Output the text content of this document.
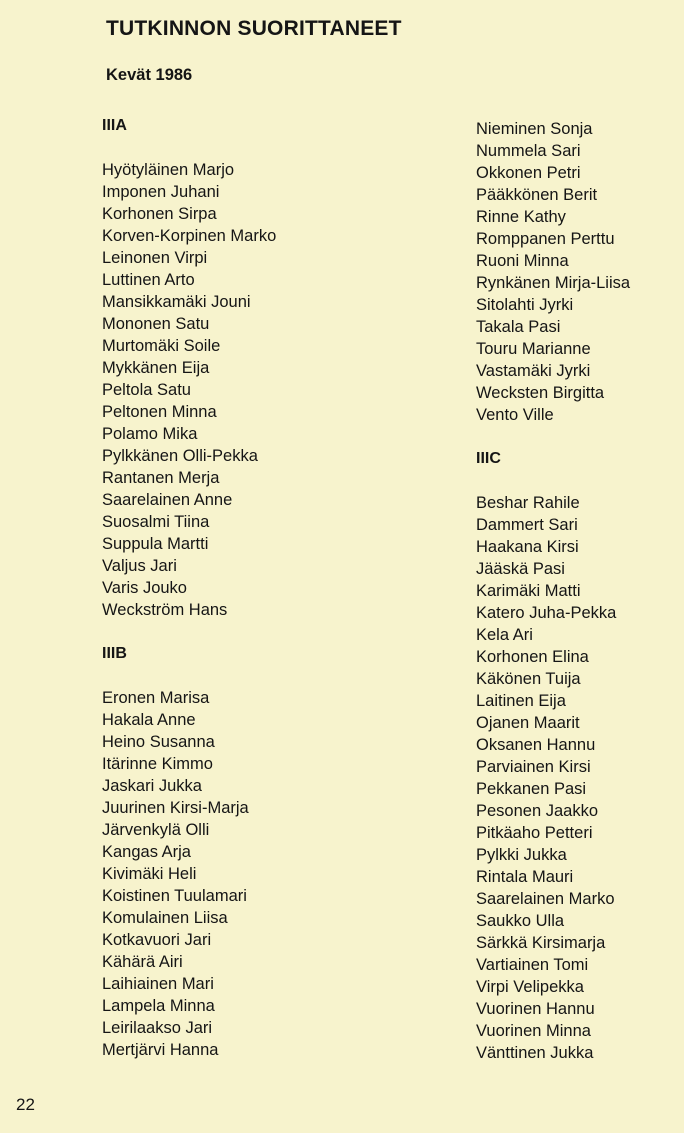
TUTKINNON SUORITTANEET
Kevät 1986
IIIA
Hyötyläinen Marjo
Imponen Juhani
Korhonen Sirpa
Korven-Korpinen Marko
Leinonen Virpi
Luttinen Arto
Mansikkamäki Jouni
Mononen Satu
Murtomäki Soile
Mykkänen Eija
Peltola Satu
Peltonen Minna
Polamo Mika
Pylkkänen Olli-Pekka
Rantanen Merja
Saarelainen Anne
Suosalmi Tiina
Suppula Martti
Valjus Jari
Varis Jouko
Weckström Hans
IIIB
Eronen Marisa
Hakala Anne
Heino Susanna
Itärinne Kimmo
Jaskari Jukka
Juurinen Kirsi-Marja
Järvenkylä Olli
Kangas Arja
Kivimäki Heli
Koistinen Tuulamari
Komulainen Liisa
Kotkavuori Jari
Kähärä Airi
Laihiainen Mari
Lampela Minna
Leirilaakso Jari
Mertjärvi Hanna
Nieminen Sonja
Nummela Sari
Okkonen Petri
Pääkkönen Berit
Rinne Kathy
Romppanen Perttu
Ruoni Minna
Rynkänen Mirja-Liisa
Sitolahti Jyrki
Takala Pasi
Touru Marianne
Vastamäki Jyrki
Wecksten Birgitta
Vento Ville
IIIC
Beshar Rahile
Dammert Sari
Haakana Kirsi
Jääskä Pasi
Karimäki Matti
Katero Juha-Pekka
Kela Ari
Korhonen Elina
Käkönen Tuija
Laitinen Eija
Ojanen Maarit
Oksanen Hannu
Parviainen Kirsi
Pekkanen Pasi
Pesonen Jaakko
Pitkäaho Petteri
Pylkki Jukka
Rintala Mauri
Saarelainen Marko
Saukko Ulla
Särkkä Kirsimarja
Vartiainen Tomi
Virpi Velipekka
Vuorinen Hannu
Vuorinen Minna
Vänttinen Jukka
22
